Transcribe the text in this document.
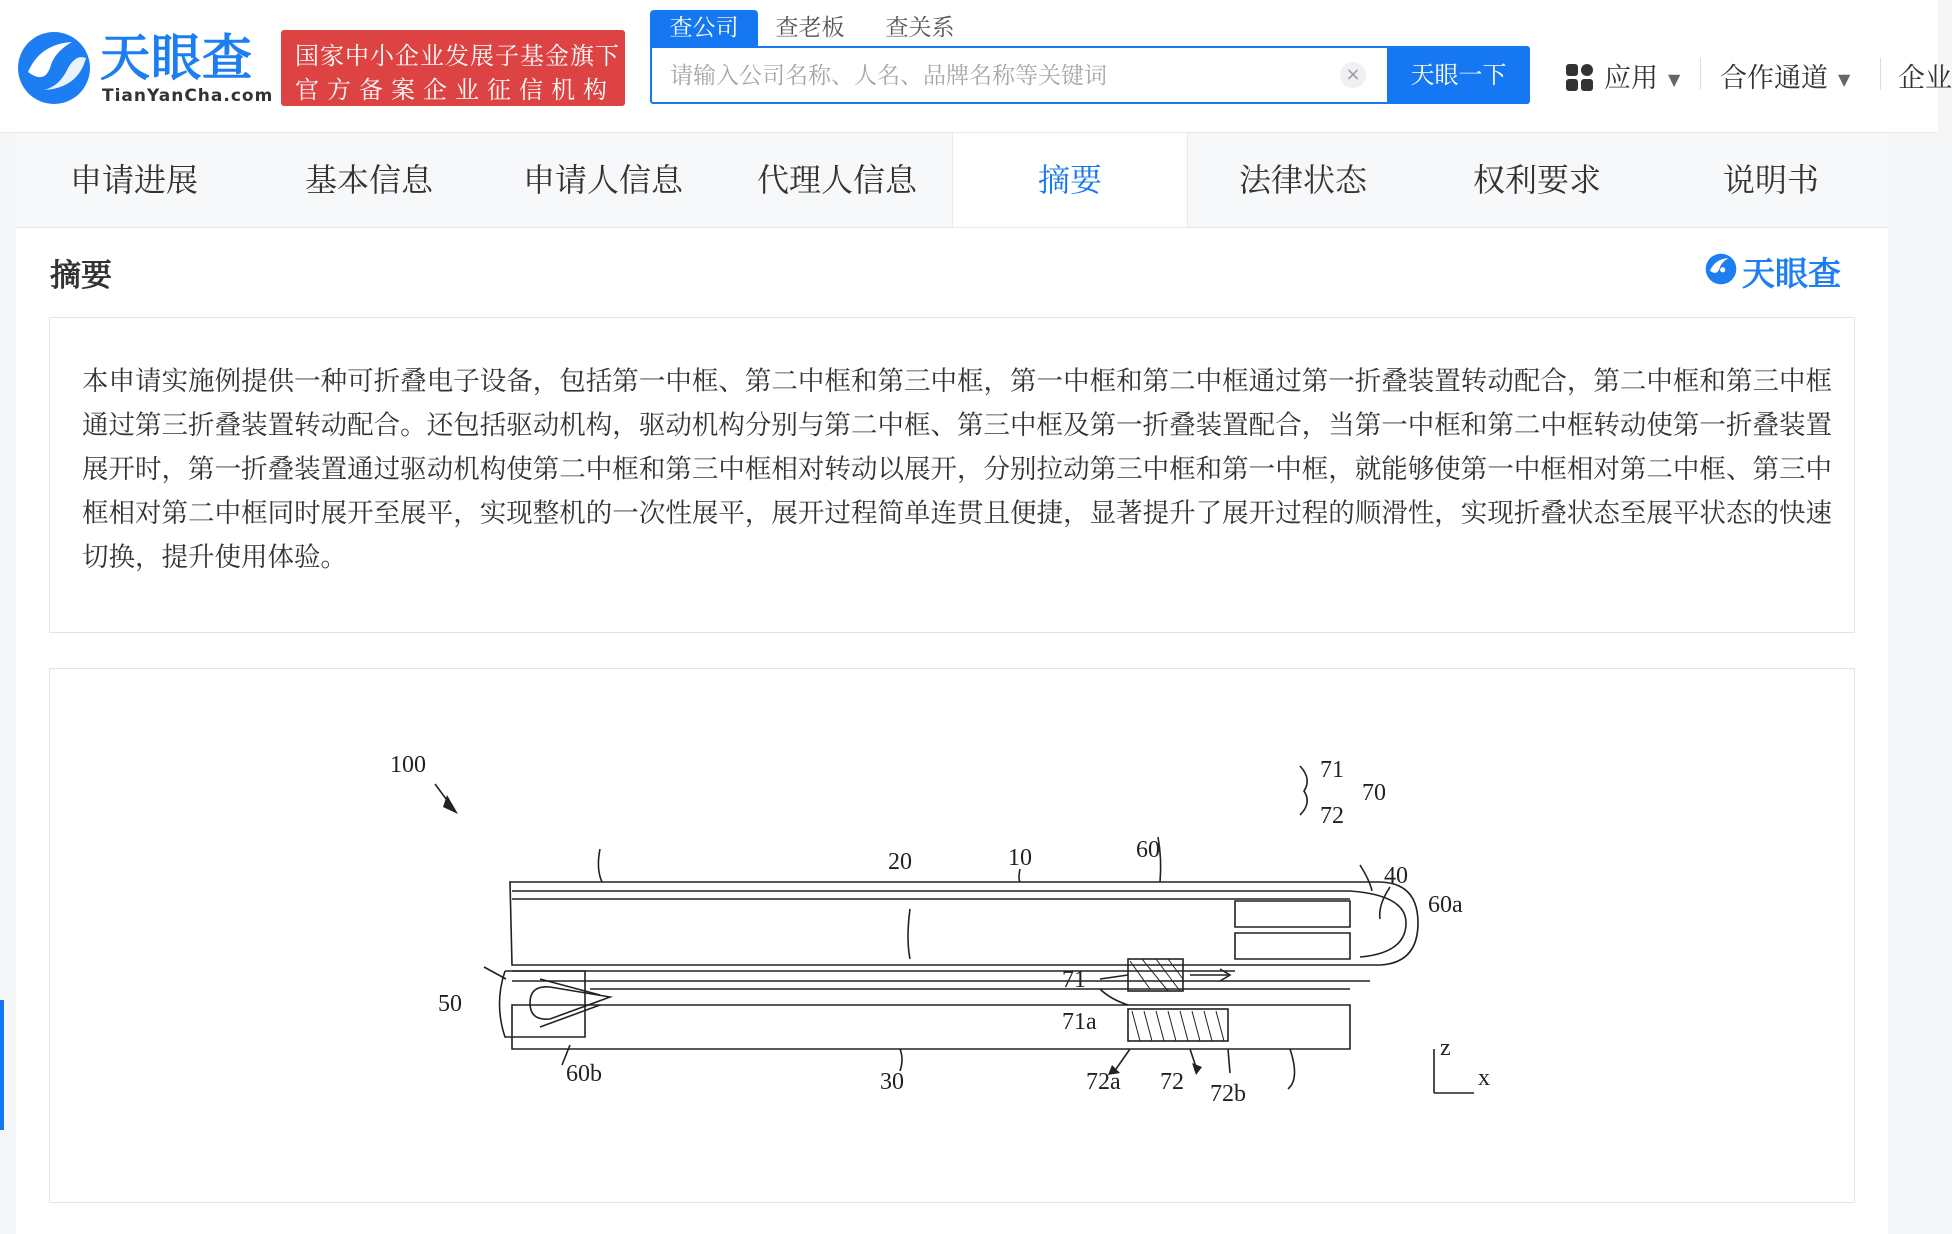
天眼查
TianYanCha.com
国家中小企业发展子基金旗下
官方备案企业征信机构
查公司	查老板	查关系
请输入公司名称、人名、品牌名称等关键词
×	天眼一下	应用 ▼ 合作通道 ▼ 企业
申请进展	基本信息	申请人信息	代理人信息	摘要	法律状态	权利要求	说明书
摘要	天眼查
本申请实施例提供一种可折叠电子设备，包括第一中框、第二中框和第三中框，第一中框和第二中框通过第一折叠装置转动配合，第二中框和第三中框通过第三折叠装置转动配合。还包括驱动机构，驱动机构分别与第二中框、第三中框及第一折叠装置配合，当第一中框和第二中框转动使第一折叠装置展开时，第一折叠装置通过驱动机构使第二中框和第三中框相对转动以展开，分别拉动第三中框和第一中框，就能够使第一中框相对第二中框、第三中框相对第二中框同时展开至展平，实现整机的一次性展平，展开过程简单连贯且便捷，显著提升了展开过程的顺滑性，实现折叠状态至展平状态的快速切换，提升使用体验。
100
20	10	60
71
72
70
40
60a
71
71a
50
60b	30	72a 72 72b
z
x
